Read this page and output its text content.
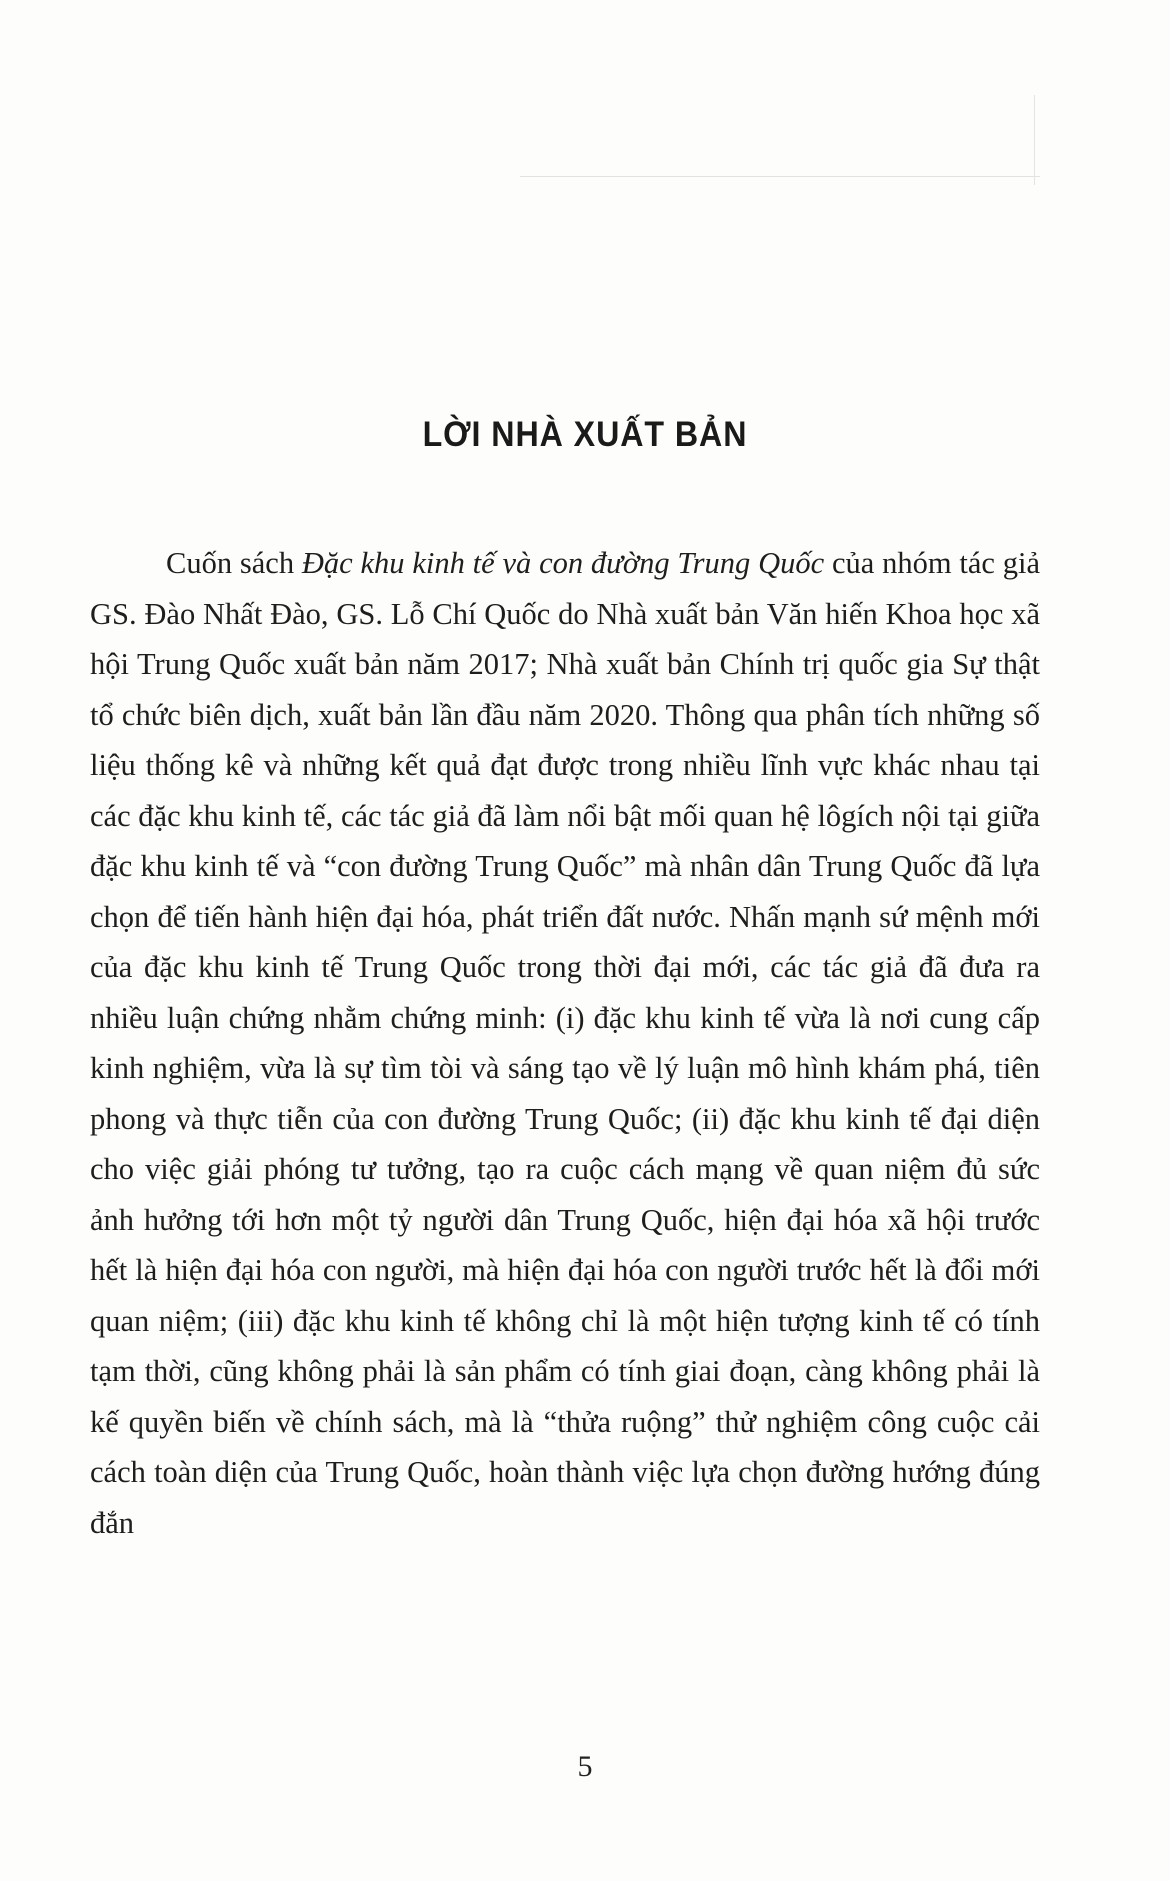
LỜI NHÀ XUẤT BẢN

Cuốn sách Đặc khu kinh tế và con đường Trung Quốc của nhóm tác giả GS. Đào Nhất Đào, GS. Lỗ Chí Quốc do Nhà xuất bản Văn hiến Khoa học xã hội Trung Quốc xuất bản năm 2017; Nhà xuất bản Chính trị quốc gia Sự thật tổ chức biên dịch, xuất bản lần đầu năm 2020. Thông qua phân tích những số liệu thống kê và những kết quả đạt được trong nhiều lĩnh vực khác nhau tại các đặc khu kinh tế, các tác giả đã làm nổi bật mối quan hệ lôgích nội tại giữa đặc khu kinh tế và “con đường Trung Quốc” mà nhân dân Trung Quốc đã lựa chọn để tiến hành hiện đại hóa, phát triển đất nước. Nhấn mạnh sứ mệnh mới của đặc khu kinh tế Trung Quốc trong thời đại mới, các tác giả đã đưa ra nhiều luận chứng nhằm chứng minh: (i) đặc khu kinh tế vừa là nơi cung cấp kinh nghiệm, vừa là sự tìm tòi và sáng tạo về lý luận mô hình khám phá, tiên phong và thực tiễn của con đường Trung Quốc; (ii) đặc khu kinh tế đại diện cho việc giải phóng tư tưởng, tạo ra cuộc cách mạng về quan niệm đủ sức ảnh hưởng tới hơn một tỷ người dân Trung Quốc, hiện đại hóa xã hội trước hết là hiện đại hóa con người, mà hiện đại hóa con người trước hết là đổi mới quan niệm; (iii) đặc khu kinh tế không chỉ là một hiện tượng kinh tế có tính tạm thời, cũng không phải là sản phẩm có tính giai đoạn, càng không phải là kế quyền biến về chính sách, mà là “thửa ruộng” thử nghiệm công cuộc cải cách toàn diện của Trung Quốc, hoàn thành việc lựa chọn đường hướng đúng đắn

5
